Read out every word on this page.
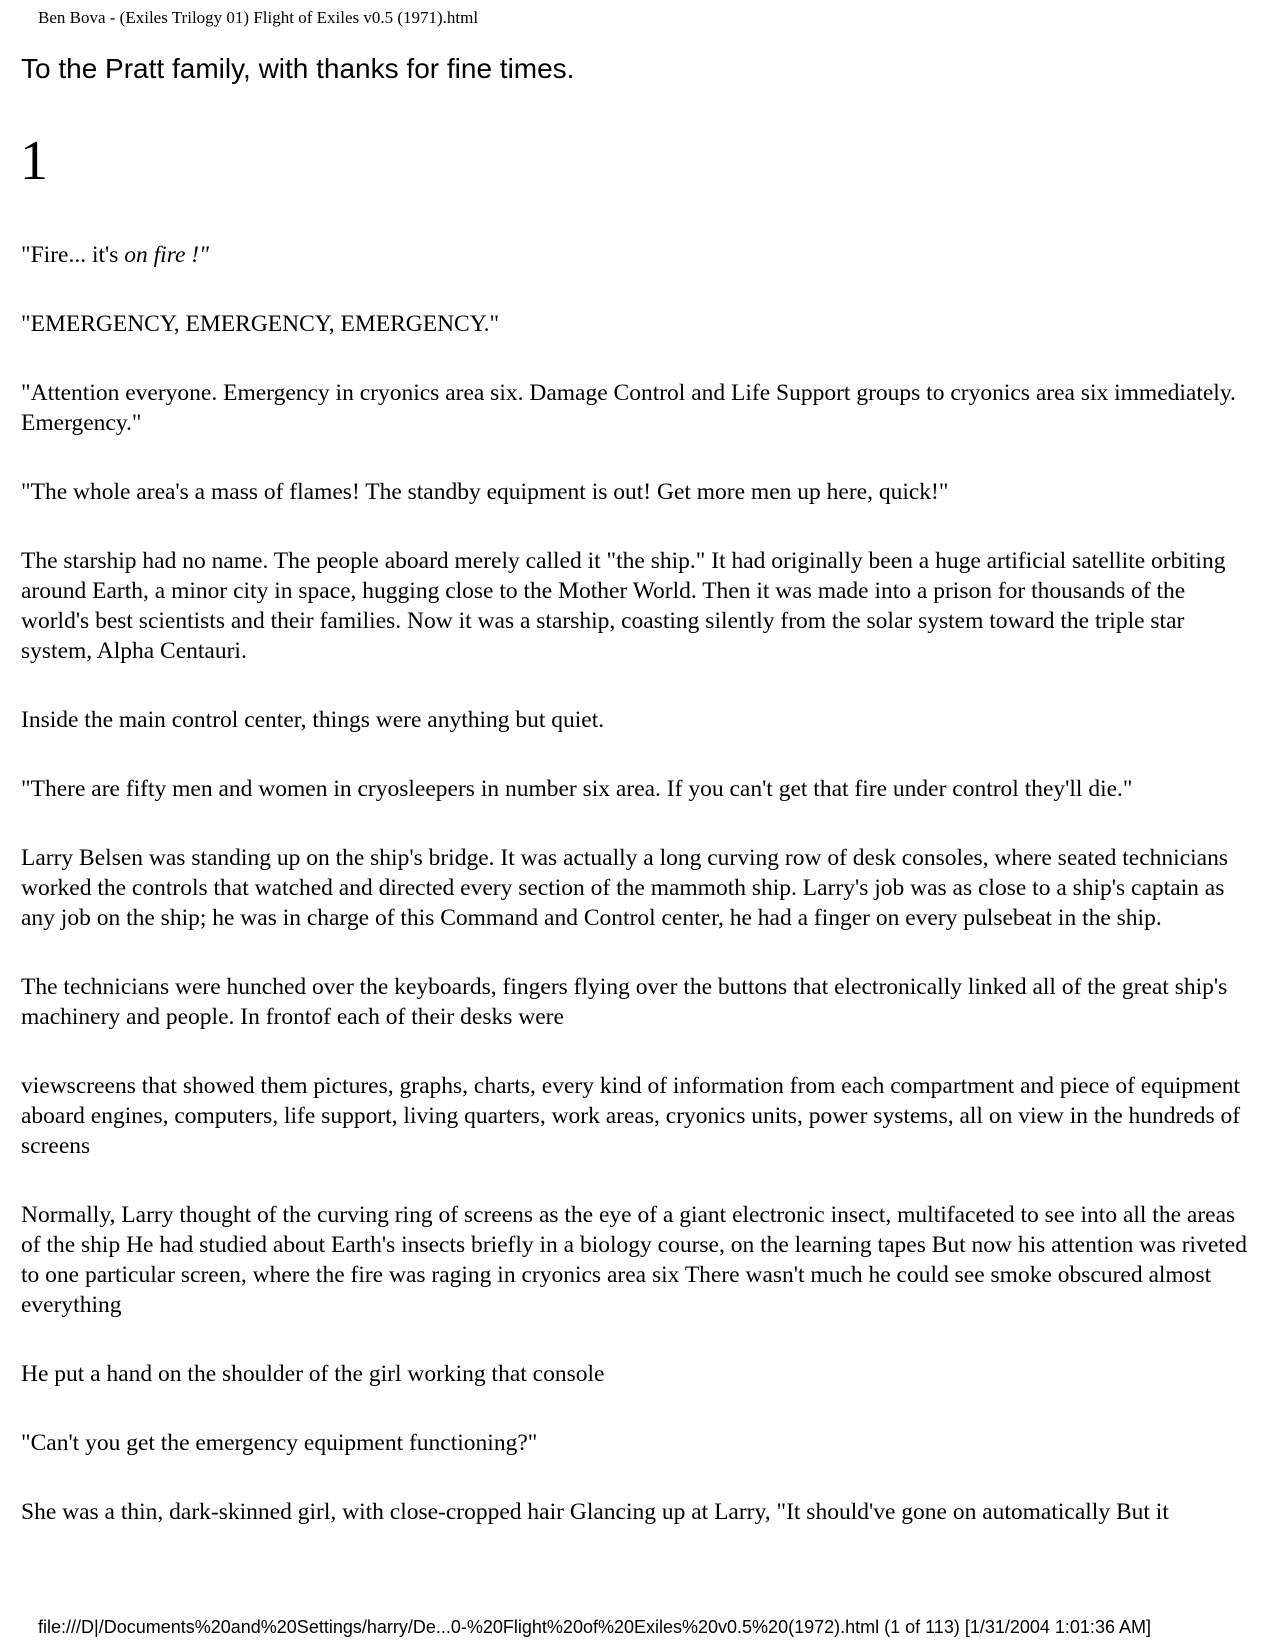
Ben Bova - (Exiles Trilogy 01) Flight of Exiles v0.5 (1971).html
To the Pratt family, with thanks for fine times.
1

"Fire... it's on fire !"

"EMERGENCY, EMERGENCY, EMERGENCY."

"Attention everyone. Emergency in cryonics area six. Damage Control and Life Support groups to cryonics area six immediately. Emergency."

"The whole area's a mass of flames! The standby equipment is out! Get more men up here, quick!"

The starship had no name. The people aboard merely called it "the ship." It had originally been a huge artificial satellite orbiting around Earth, a minor city in space, hugging close to the Mother World. Then it was made into a prison for thousands of the world's best scientists and their families. Now it was a starship, coasting silently from the solar system toward the triple star system, Alpha Centauri.

Inside the main control center, things were anything but quiet.

"There are fifty men and women in cryosleepers in number six area. If you can't get that fire under control they'll die."

Larry Belsen was standing up on the ship's bridge. It was actually a long curving row of desk consoles, where seated technicians worked the controls that watched and directed every section of the mammoth ship. Larry's job was as close to a ship's captain as any job on the ship; he was in charge of this Command and Control center, he had a finger on every pulsebeat in the ship.

The technicians were hunched over the keyboards, fingers flying over the buttons that electronically linked all of the great ship's machinery and people. In frontof each of their desks were

viewscreens that showed them pictures, graphs, charts, every kind of information from each compartment and piece of equipment aboard engines, computers, life support, living quarters, work areas, cryonics units, power systems, all on view in the hundreds of screens

Normally, Larry thought of the curving ring of screens as the eye of a giant electronic insect, multifaceted to see into all the areas of the ship He had studied about Earth's insects briefly in a biology course, on the learning tapes But now his attention was riveted to one particular screen, where the fire was raging in cryonics area six There wasn't much he could see smoke obscured almost everything

He put a hand on the shoulder of the girl working that console

"Can't you get the emergency equipment functioning?"

She was a thin, dark-skinned girl, with close-cropped hair Glancing up at Larry, "It should've gone on automatically But it

file:///D|/Documents%20and%20Settings/harry/De...0-%20Flight%20of%20Exiles%20v0.5%20(1972).html (1 of 113) [1/31/2004 1:01:36 AM]
